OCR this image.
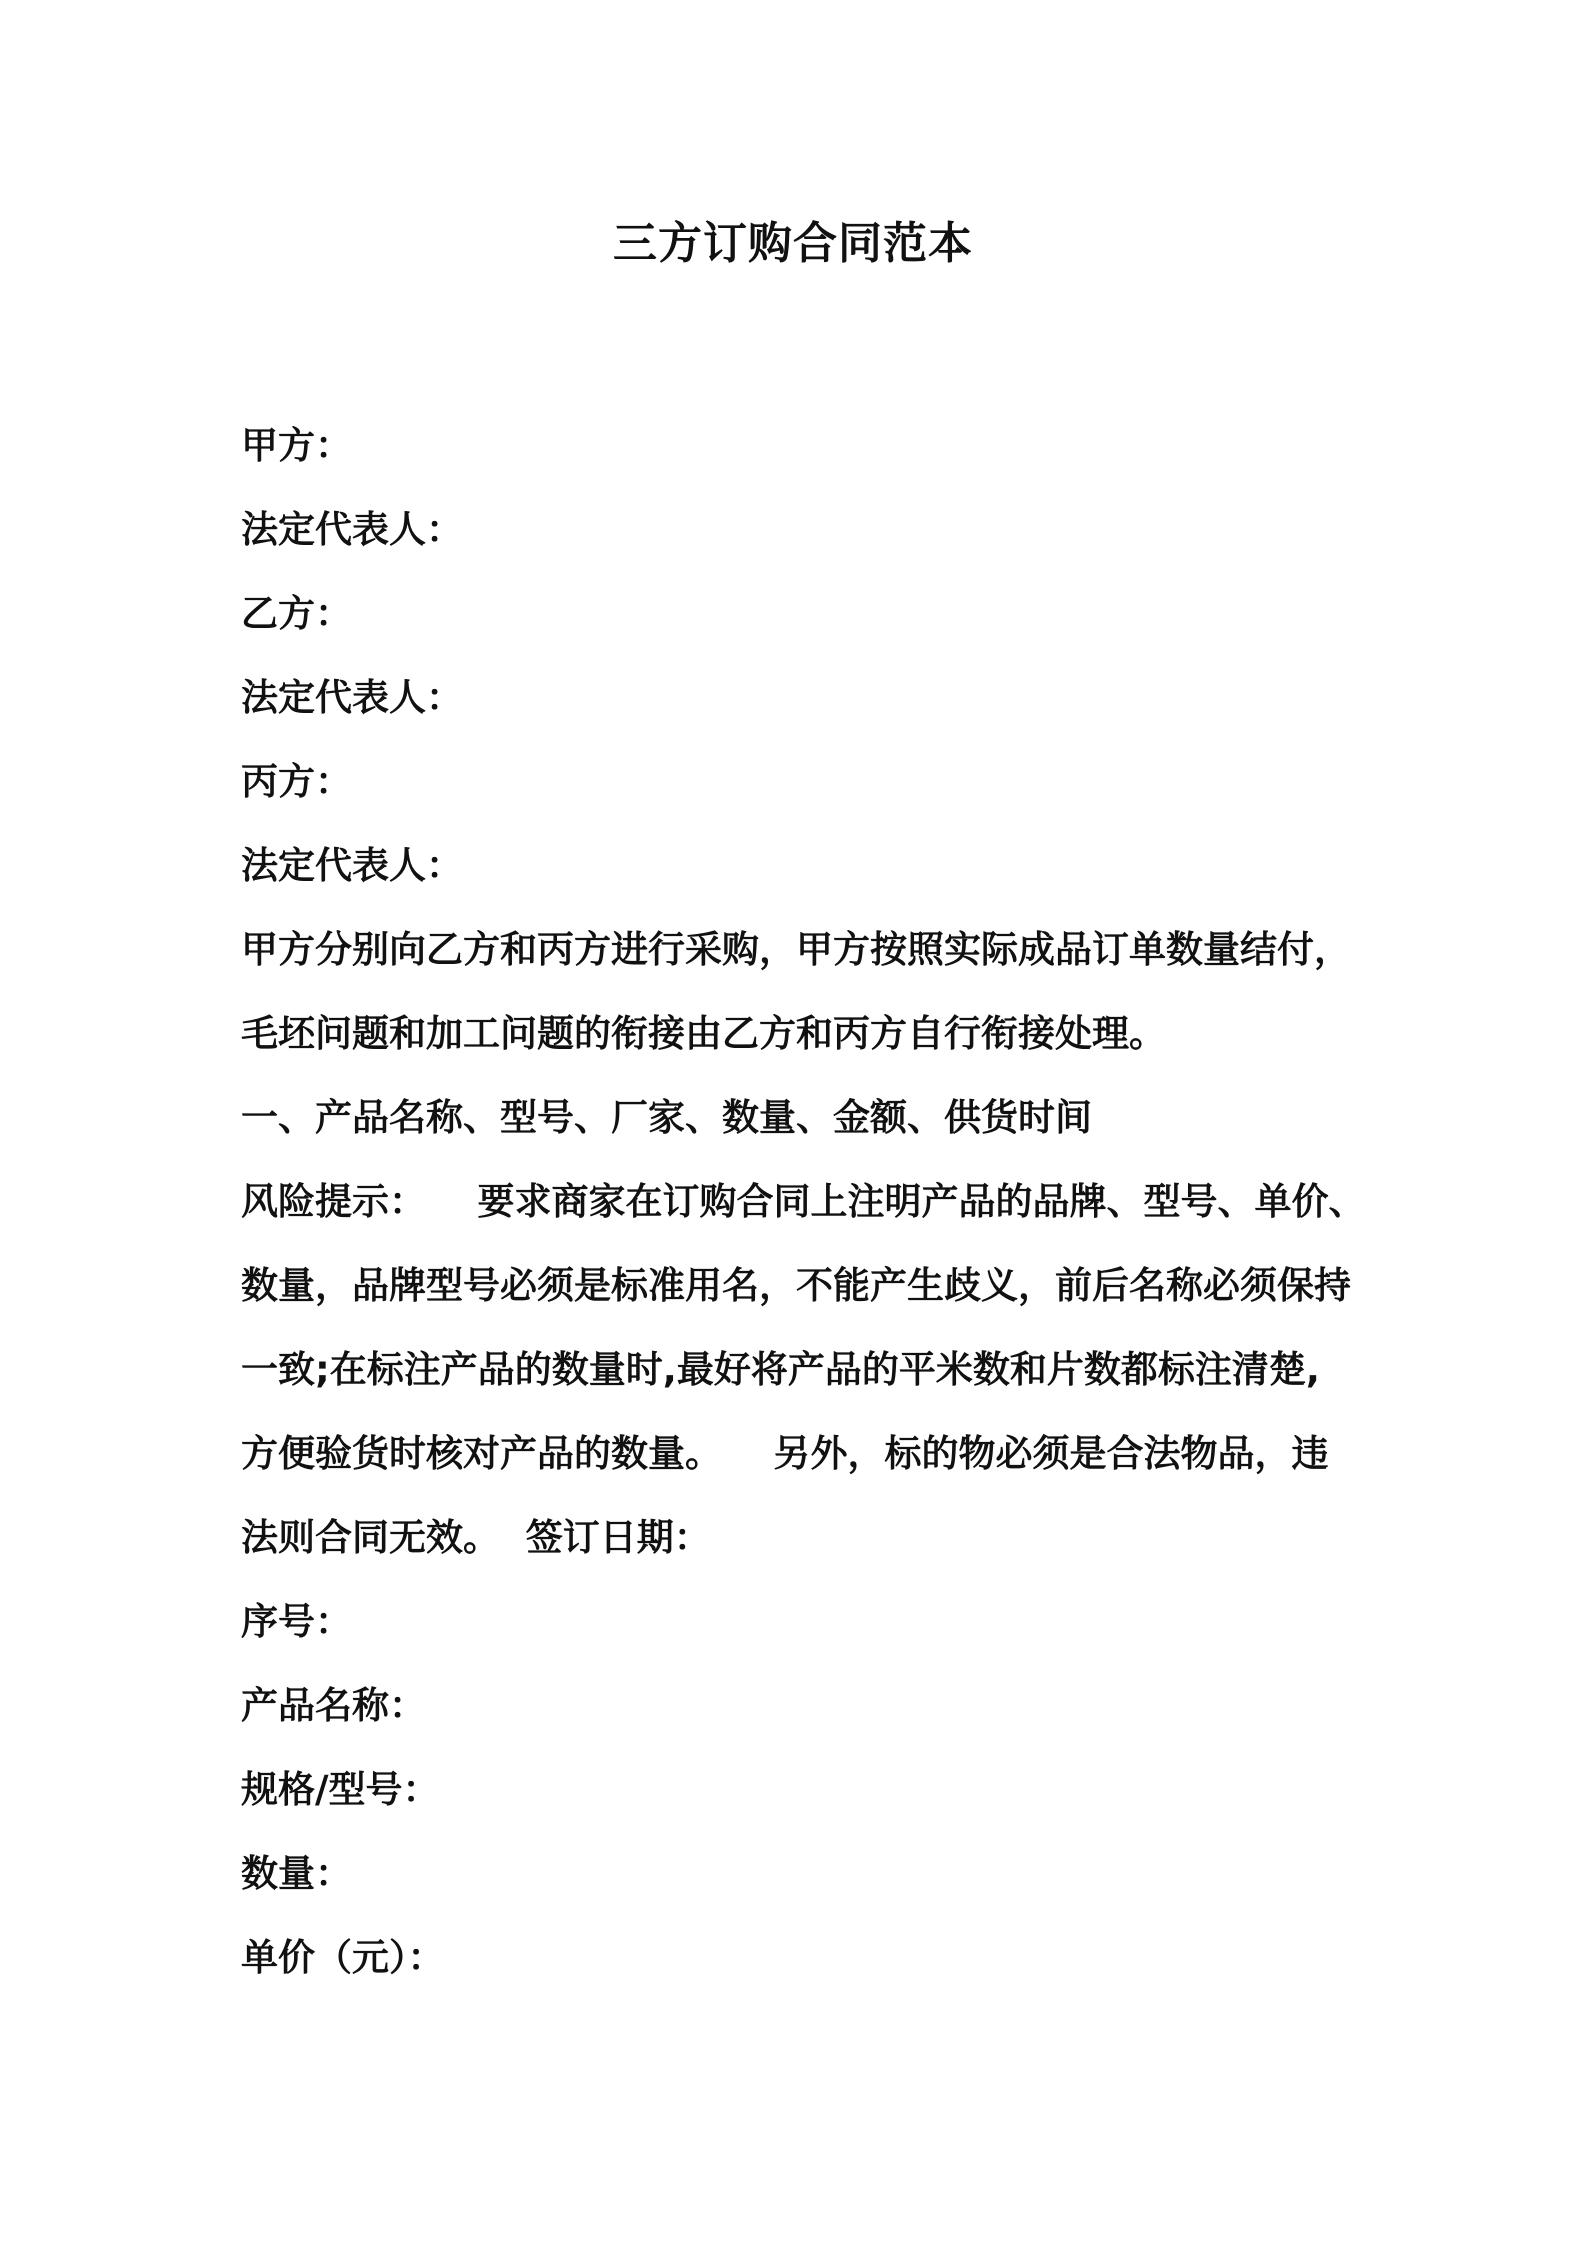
三方订购合同范本
甲方：
法定代表人：
乙方：
法定代表人：
丙方：
法定代表人：
甲方分别向乙方和丙方进行采购，甲方按照实际成品订单数量结付，
毛坯问题和加工问题的衔接由乙方和丙方自行衔接处理。
一、产品名称、型号、厂家、数量、金额、供货时间
风险提示：    要求商家在订购合同上注明产品的品牌、型号、单价、
数量，品牌型号必须是标准用名，不能产生歧义，前后名称必须保持
一致;在标注产品的数量时,最好将产品的平米数和片数都标注清楚,
方便验货时核对产品的数量。    另外，标的物必须是合法物品，违
法则合同无效。  签订日期：
序号：
产品名称：
规格/型号：
数量：
单价（元）：
